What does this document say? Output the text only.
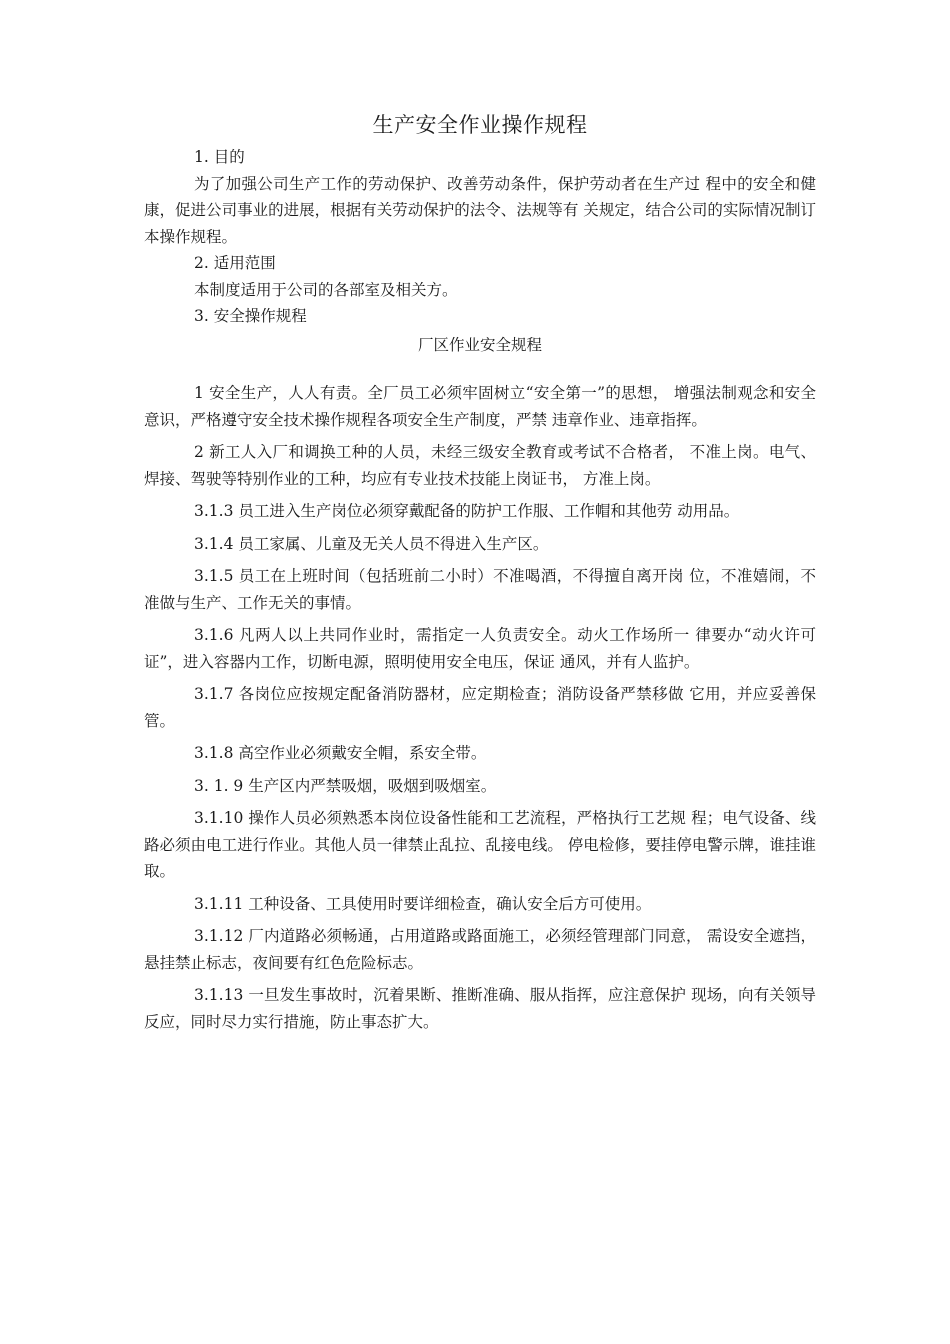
生产安全作业操作规程

1. 目的

为了加强公司生产工作的劳动保护、改善劳动条件，保护劳动者在生产过 程中的安全和健康，促进公司事业的进展，根据有关劳动保护的法令、法规等有 关规定，结合公司的实际情况制订本操作规程。

2. 适用范围

本制度适用于公司的各部室及相关方。

3. 安全操作规程

厂区作业安全规程

1 安全生产，人人有责。全厂员工必须牢固树立“安全第一”的思想， 增强法制观念和安全意识，严格遵守安全技术操作规程各项安全生产制度，严禁 违章作业、违章指挥。

2 新工人入厂和调换工种的人员，未经三级安全教育或考试不合格者， 不准上岗。电气、焊接、驾驶等特别作业的工种，均应有专业技术技能上岗证书， 方准上岗。

3.1.3 员工进入生产岗位必须穿戴配备的防护工作服、工作帽和其他劳 动用品。

3.1.4 员工家属、儿童及无关人员不得进入生产区。

3.1.5 员工在上班时间（包括班前二小时）不准喝酒，不得擅自离开岗 位，不准嬉闹，不准做与生产、工作无关的事情。

3.1.6 凡两人以上共同作业时，需指定一人负责安全。动火工作场所一 律要办“动火许可证”，进入容器内工作，切断电源，照明使用安全电压，保证 通风，并有人监护。

3.1.7 各岗位应按规定配备消防器材，应定期检查；消防设备严禁移做 它用，并应妥善保管。

3.1.8 高空作业必须戴安全帽，系安全带。

3. 1. 9 生产区内严禁吸烟，吸烟到吸烟室。

3.1.10 操作人员必须熟悉本岗位设备性能和工艺流程，严格执行工艺规 程；电气设备、线路必须由电工进行作业。其他人员一律禁止乱拉、乱接电线。 停电检修，要挂停电警示牌，谁挂谁取。

3.1.11 工种设备、工具使用时要详细检查，确认安全后方可使用。

3.1.12 厂内道路必须畅通，占用道路或路面施工，必须经管理部门同意， 需设安全遮挡，悬挂禁止标志，夜间要有红色危险标志。

3.1.13 一旦发生事故时，沉着果断、推断准确、服从指挥，应注意保护 现场，向有关领导反应，同时尽力实行措施，防止事态扩大。
